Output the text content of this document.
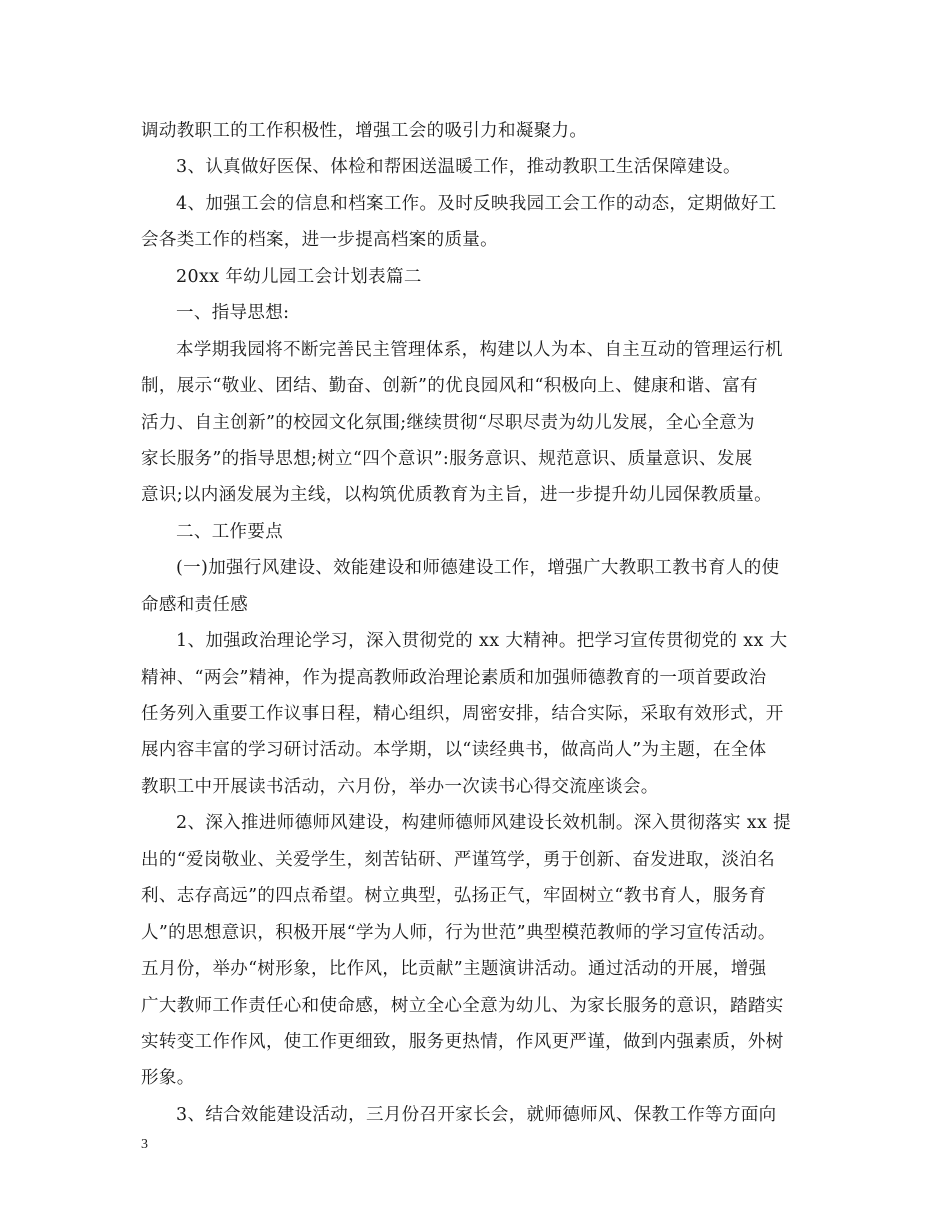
调动教职工的工作积极性，增强工会的吸引力和凝聚力。
3、认真做好医保、体检和帮困送温暖工作，推动教职工生活保障建设。
4、加强工会的信息和档案工作。及时反映我园工会工作的动态，定期做好工
会各类工作的档案，进一步提高档案的质量。
20xx 年幼儿园工会计划表篇二
一、指导思想:
本学期我园将不断完善民主管理体系，构建以人为本、自主互动的管理运行机
制，展示“敬业、团结、勤奋、创新”的优良园风和“积极向上、健康和谐、富有
活力、自主创新”的校园文化氛围;继续贯彻“尽职尽责为幼儿发展，全心全意为
家长服务”的指导思想;树立“四个意识”:服务意识、规范意识、质量意识、发展
意识;以内涵发展为主线，以构筑优质教育为主旨，进一步提升幼儿园保教质量。
二、工作要点
(一)加强行风建设、效能建设和师德建设工作，增强广大教职工教书育人的使
命感和责任感
1、加强政治理论学习，深入贯彻党的 xx 大精神。把学习宣传贯彻党的 xx 大
精神、“两会”精神，作为提高教师政治理论素质和加强师德教育的一项首要政治
任务列入重要工作议事日程，精心组织，周密安排，结合实际，采取有效形式，开
展内容丰富的学习研讨活动。本学期，以“读经典书，做高尚人”为主题，在全体
教职工中开展读书活动，六月份，举办一次读书心得交流座谈会。
2、深入推进师德师风建设，构建师德师风建设长效机制。深入贯彻落实 xx 提
出的“爱岗敬业、关爱学生，刻苦钻研、严谨笃学，勇于创新、奋发进取，淡泊名
利、志存高远”的四点希望。树立典型，弘扬正气，牢固树立“教书育人，服务育
人”的思想意识，积极开展“学为人师，行为世范”典型模范教师的学习宣传活动。
五月份，举办“树形象，比作风，比贡献”主题演讲活动。通过活动的开展，增强
广大教师工作责任心和使命感，树立全心全意为幼儿、为家长服务的意识，踏踏实
实转变工作作风，使工作更细致，服务更热情，作风更严谨，做到内强素质，外树
形象。
3、结合效能建设活动，三月份召开家长会，就师德师风、保教工作等方面向
3
